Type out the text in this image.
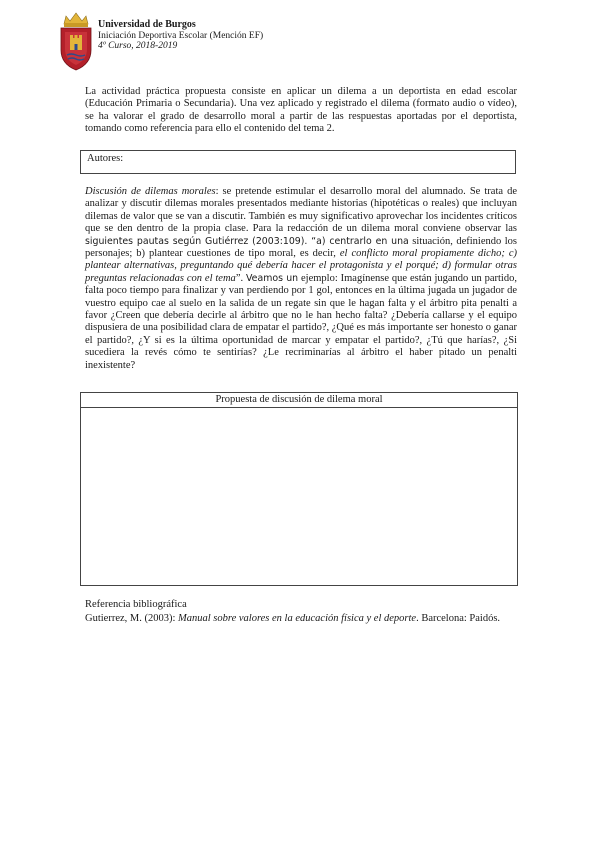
Universidad de Burgos
Iniciación Deportiva Escolar (Mención EF)
4º Curso, 2018-2019

La actividad práctica propuesta consiste en aplicar un dilema a un deportista en edad escolar (Educación Primaria o Secundaria). Una vez aplicado y registrado el dilema (formato audio o vídeo), se ha valorar el grado de desarrollo moral a partir de las respuestas aportadas por el deportista, tomando como referencia para ello el contenido del tema 2.

Autores:

Discusión de dilemas morales: se pretende estimular el desarrollo moral del alumnado. Se trata de analizar y discutir dilemas morales presentados mediante historias (hipotéticas o reales) que incluyan dilemas de valor que se van a discutir. También es muy significativo aprovechar los incidentes críticos que se den dentro de la propia clase. Para la redacción de un dilema moral conviene observar las siguientes pautas según Gutiérrez (2003:109). “a) centrarlo en una situación, definiendo los personajes; b) plantear cuestiones de tipo moral, es decir, el conflicto moral propiamente dicho; c) plantear alternativas, preguntando qué debería hacer el protagonista y el porqué; d) formular otras preguntas relacionadas con el tema”. Veamos un ejemplo: Imagínense que están jugando un partido, falta poco tiempo para finalizar y van perdiendo por 1 gol, entonces en la última jugada un jugador de vuestro equipo cae al suelo en la salida de un regate sin que le hagan falta y el árbitro pita penalti a favor ¿Creen que debería decirle al árbitro que no le han hecho falta? ¿Debería callarse y el equipo dispusiera de una posibilidad clara de empatar el partido?, ¿Qué es más importante ser honesto o ganar el partido?, ¿Y si es la última oportunidad de marcar y empatar el partido?, ¿Tú que harías?, ¿Si sucediera la revés cómo te sentirías? ¿Le recriminarías al árbitro el haber pitado un penalti inexistente?

Propuesta de discusión de dilema moral
Referencia bibliográfica
Gutierrez, M. (2003): Manual sobre valores en la educación física y el deporte. Barcelona: Paidós.
